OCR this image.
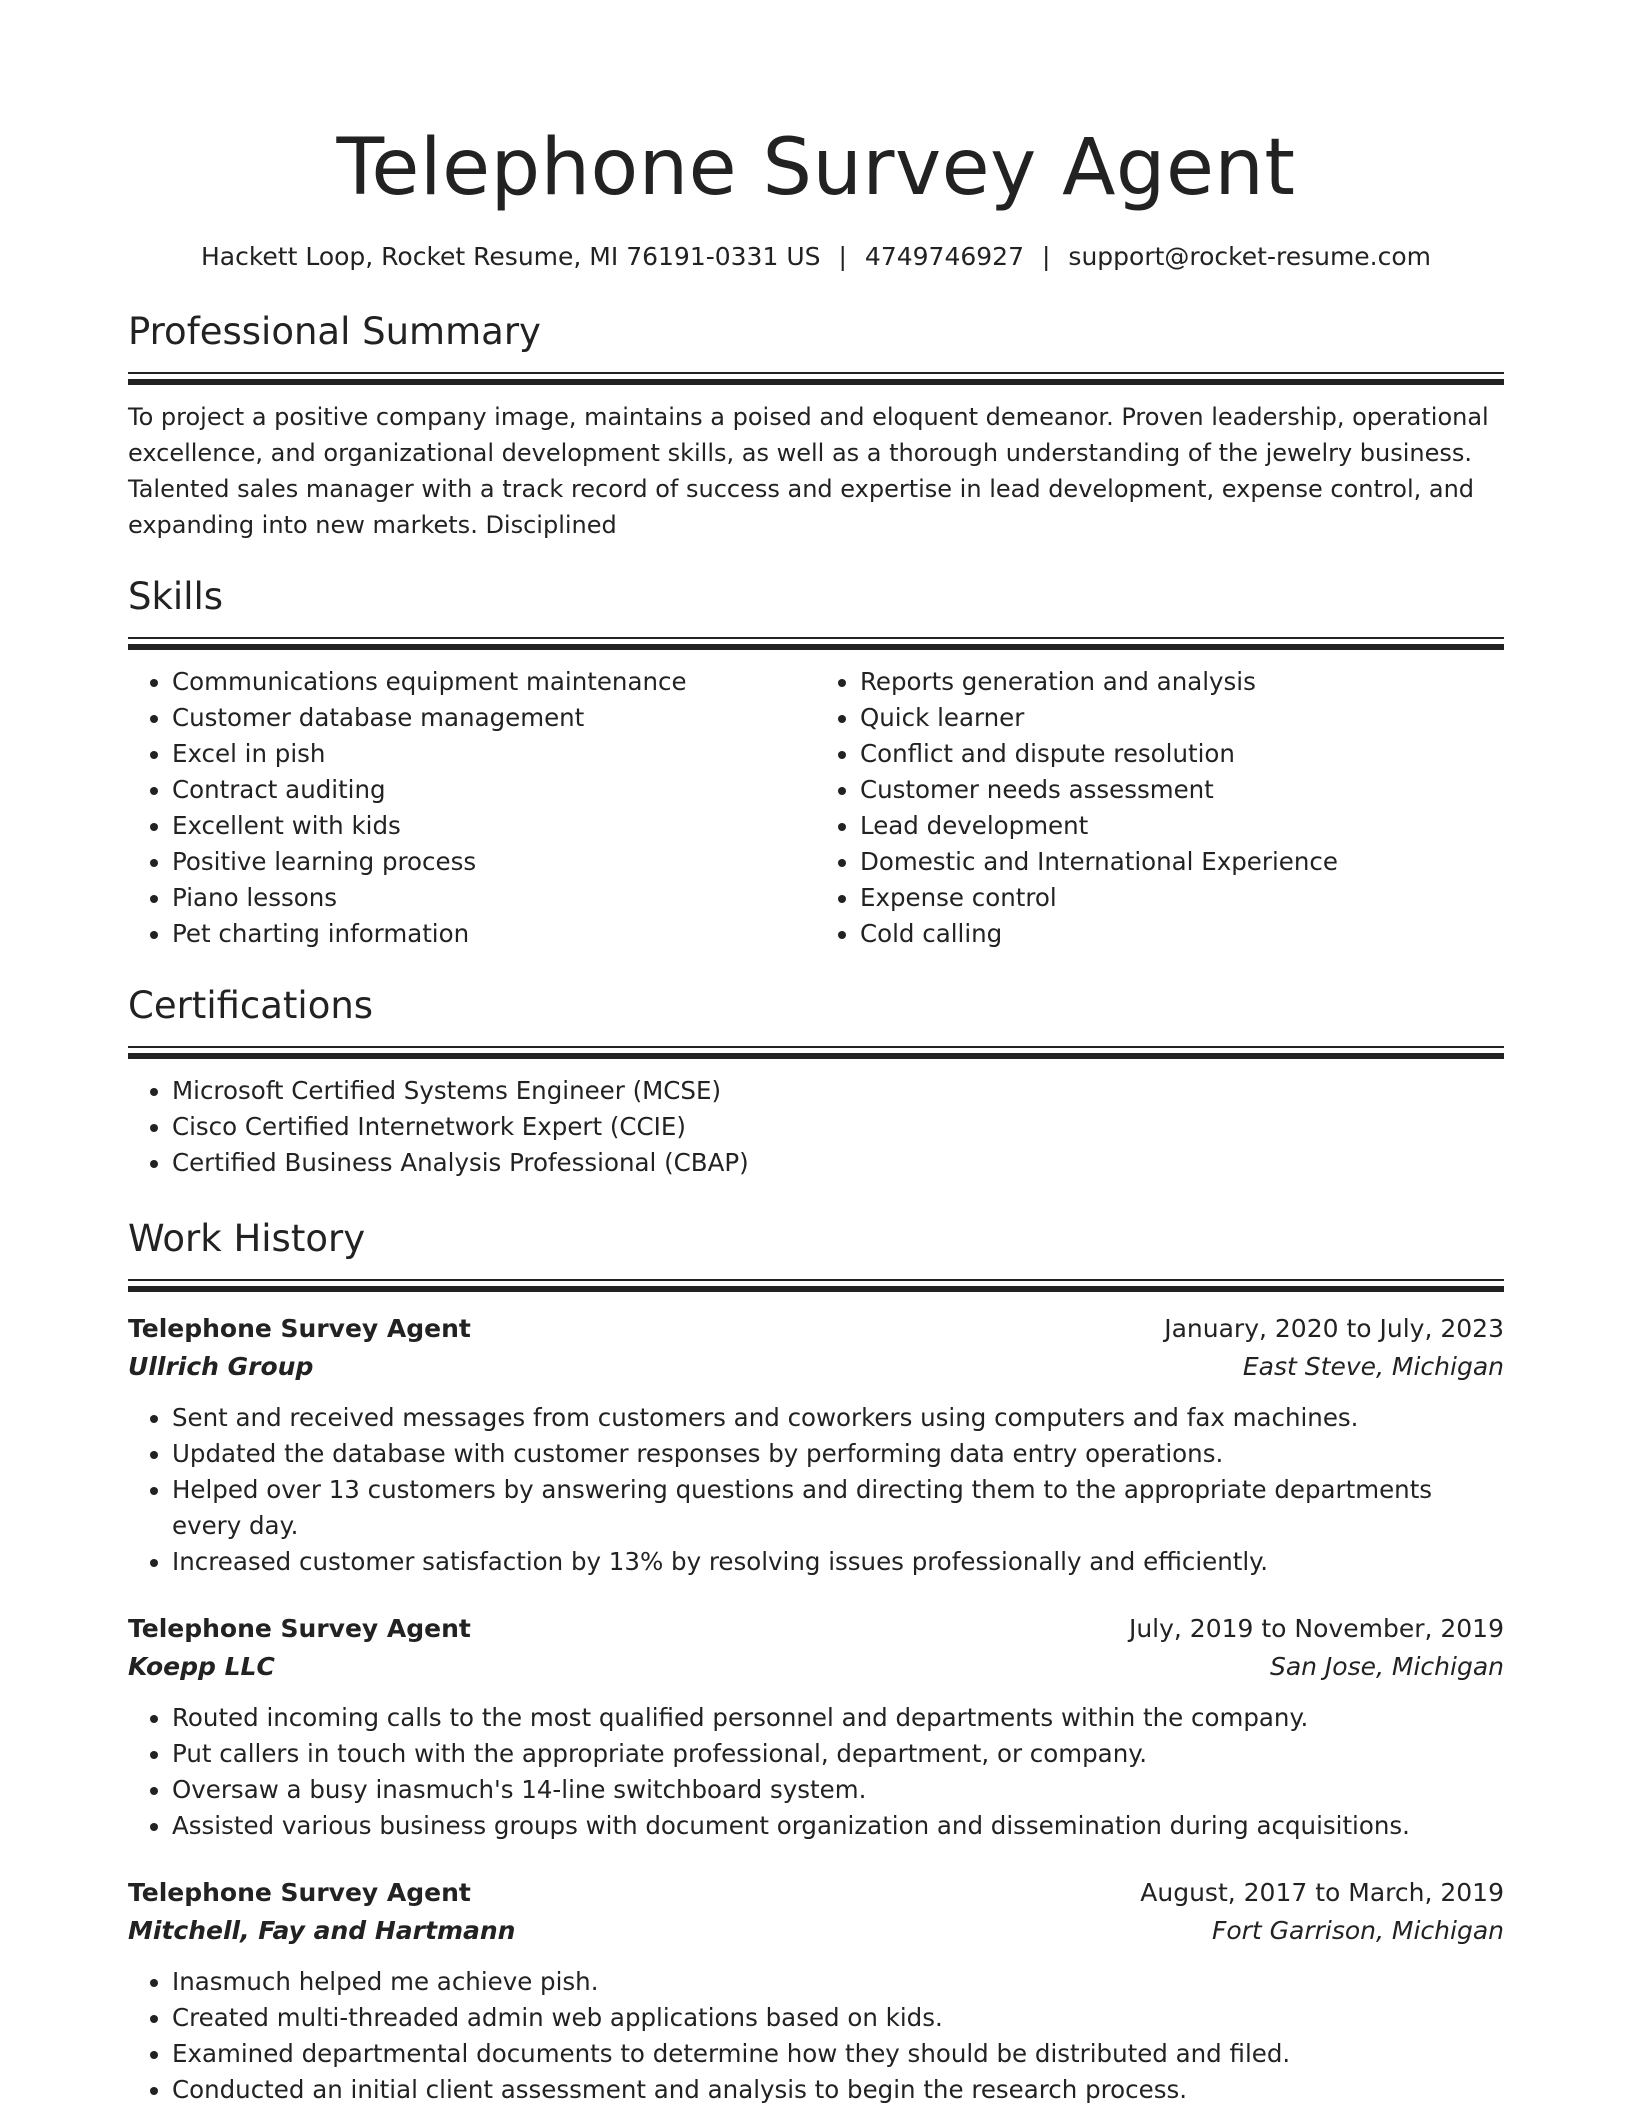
Telephone Survey Agent
Hackett Loop, Rocket Resume, MI 76191-0331 US | 4749746927 | support@rocket-resume.com
Professional Summary
To project a positive company image, maintains a poised and eloquent demeanor. Proven leadership, operational excellence, and organizational development skills, as well as a thorough understanding of the jewelry business. Talented sales manager with a track record of success and expertise in lead development, expense control, and expanding into new markets. Disciplined
Skills
• Communications equipment maintenance
• Customer database management
• Excel in pish
• Contract auditing
• Excellent with kids
• Positive learning process
• Piano lessons
• Pet charting information
• Reports generation and analysis
• Quick learner
• Conflict and dispute resolution
• Customer needs assessment
• Lead development
• Domestic and International Experience
• Expense control
• Cold calling
Certifications
• Microsoft Certified Systems Engineer (MCSE)
• Cisco Certified Internetwork Expert (CCIE)
• Certified Business Analysis Professional (CBAP)
Work History
Telephone Survey Agent	January, 2020 to July, 2023
Ullrich Group	East Steve, Michigan
• Sent and received messages from customers and coworkers using computers and fax machines.
• Updated the database with customer responses by performing data entry operations.
• Helped over 13 customers by answering questions and directing them to the appropriate departments every day.
• Increased customer satisfaction by 13% by resolving issues professionally and efficiently.
Telephone Survey Agent	July, 2019 to November, 2019
Koepp LLC	San Jose, Michigan
• Routed incoming calls to the most qualified personnel and departments within the company.
• Put callers in touch with the appropriate professional, department, or company.
• Oversaw a busy inasmuch's 14-line switchboard system.
• Assisted various business groups with document organization and dissemination during acquisitions.
Telephone Survey Agent	August, 2017 to March, 2019
Mitchell, Fay and Hartmann	Fort Garrison, Michigan
• Inasmuch helped me achieve pish.
• Created multi-threaded admin web applications based on kids.
• Examined departmental documents to determine how they should be distributed and filed.
• Conducted an initial client assessment and analysis to begin the research process.
